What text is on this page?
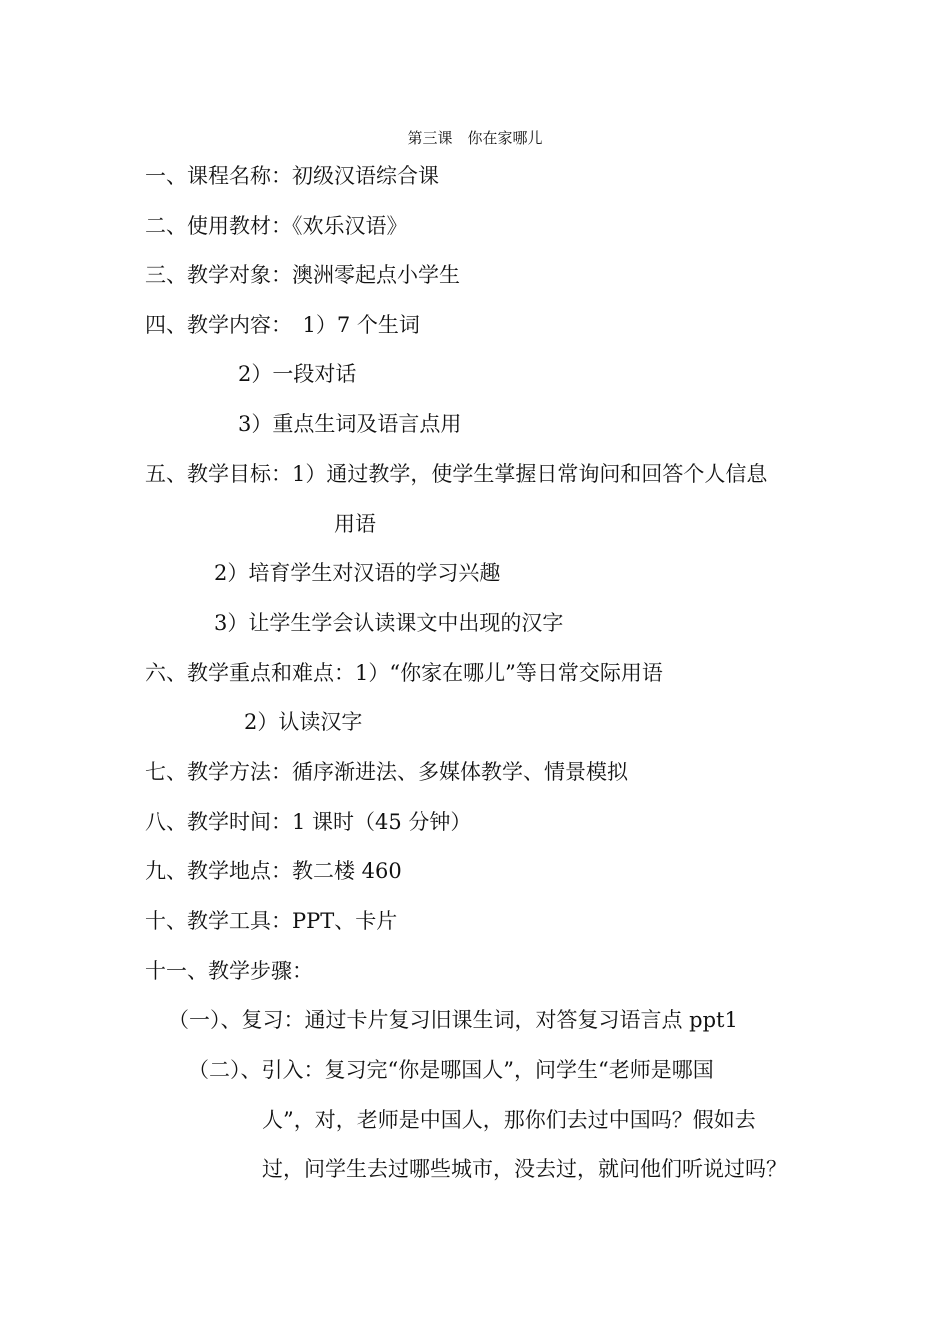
第三课　你在家哪儿
一、课程名称：初级汉语综合课
二、使用教材：《欢乐汉语》
三、教学对象：澳洲零起点小学生
四、教学内容：　1）7 个生词
2）一段对话
3）重点生词及语言点用
五、教学目标：1）通过教学，使学生掌握日常询问和回答个人信息
用语
2）培育学生对汉语的学习兴趣
3）让学生学会认读课文中出现的汉字
六、教学重点和难点：1）“你家在哪儿”等日常交际用语
2）认读汉字
七、教学方法：循序渐进法、多媒体教学、情景模拟
八、教学时间：1 课时（45 分钟）
九、教学地点：教二楼 460
十、教学工具：PPT、卡片
十一、教学步骤：
（一）、复习：通过卡片复习旧课生词，对答复习语言点 ppt1
（二）、引入：复习完“你是哪国人”，问学生“老师是哪国
人”，对，老师是中国人，那你们去过中国吗？假如去
过，问学生去过哪些城市，没去过，就问他们听说过吗？
